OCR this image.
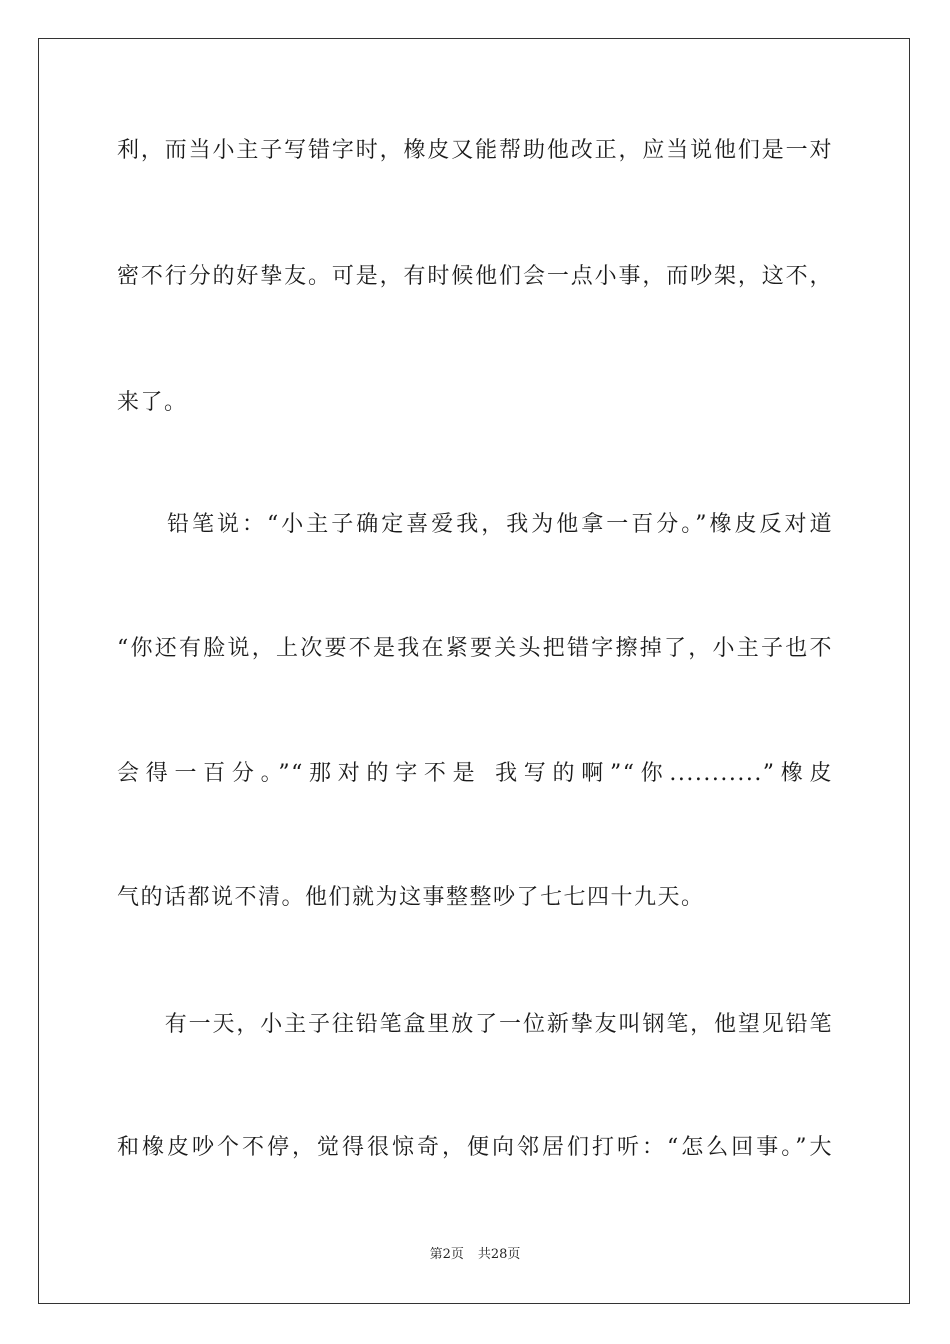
利，而当小主子写错字时，橡皮又能帮助他改正，应当说他们是一对
密不行分的好挚友。可是，有时候他们会一点小事，而吵架，这不，
来了。
　　铅笔说：“小主子确定喜爱我，我为他拿一百分。”橡皮反对道
“你还有脸说，上次要不是我在紧要关头把错字擦掉了，小主子也不
会得一百分。”“那对的字不是 我写的啊”“你...........”橡皮
气的话都说不清。他们就为这事整整吵了七七四十九天。
　　有一天，小主子往铅笔盒里放了一位新挚友叫钢笔，他望见铅笔
和橡皮吵个不停，觉得很惊奇，便向邻居们打听：“怎么回事。”大
第2页 共28页
